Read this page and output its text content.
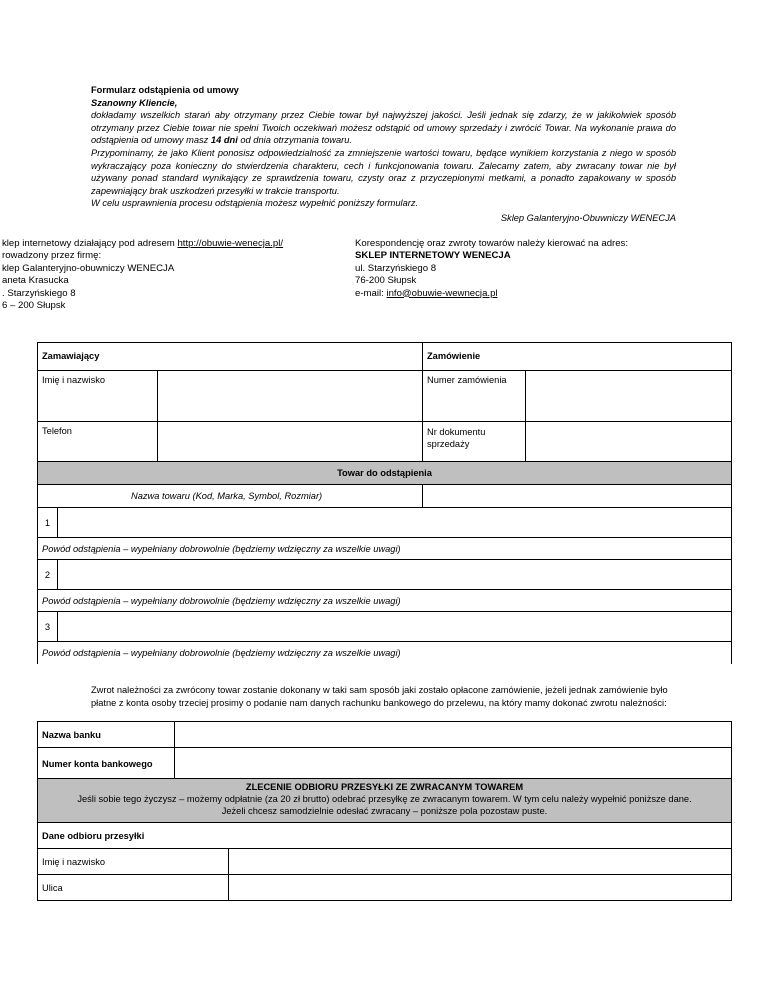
Formularz odstąpienia od umowy
Szanowny Kliencie,

dokładamy wszelkich starań aby otrzymany przez Ciebie towar był najwyższej jakości. Jeśli jednak się zdarzy, że w jakikolwiek sposób otrzymany przez Ciebie towar nie spełni Twoich oczekiwań możesz odstąpić od umowy sprzedaży i zwrócić Towar. Na wykonanie prawa do odstąpienia od umowy masz 14 dni od dnia otrzymania towaru.

Przypominamy, że jako Klient ponosisz odpowiedzialność za zmniejszenie wartości towaru, będące wynikiem korzystania z niego w sposób wykraczający poza konieczny do stwierdzenia charakteru, cech i funkcjonowania towaru. Zalecamy zatem, aby zwracany towar nie był używany ponad standard wynikający ze sprawdzenia towaru, czysty oraz z przyczepionymi metkami, a ponadto zapakowany w sposób zapewniający brak uszkodzeń przesyłki w trakcie transportu.

W celu usprawnienia procesu odstąpienia możesz wypełnić poniższy formularz.

Sklep Galanteryjno-Obuwniczy WENECJA
klep internetowy działający pod adresem http://obuwie-wenecja.pl/
rowadzony przez firmę:
klep Galanteryjno-obuwniczy WENECJA
aneta Krasucka
. Starzyńskiego 8
6 – 200 Słupsk
Korespondencję oraz zwroty towarów należy kierować na adres:
SKLEP INTERNETOWY WENECJA
ul. Starzyńskiego 8
76-200 Słupsk
e-mail: info@obuwie-wewnecja.pl
Zamawiający			Zamówienie	
Imię i nazwisko			Numer zamówienia	
Telefon			Nr dokumentu
sprzedaży	

Towar do odstąpienia				
Nazwa towaru (Kod, Marka, Symbol, Rozmiar)				
1				
Powód odstąpienia – wypełniany dobrowolnie (będziemy wdzięczny za wszelkie uwagi)				
2				
Powód odstąpienia – wypełniany dobrowolnie (będziemy wdzięczny za wszelkie uwagi)				
3				
Powód odstąpienia – wypełniany dobrowolnie (będziemy wdzięczny za wszelkie uwagi)				
Zwrot należności za zwrócony towar zostanie dokonany w taki sam sposób jaki zostało opłacone zamówienie, jeżeli jednak zamówienie było płatne z konta osoby trzeciej prosimy o podanie nam danych rachunku bankowego do przelewu, na który mamy dokonać zwrotu należności:
Nazwa banku	
Numer konta bankowego	
ZLECENIE ODBIORU PRZESYŁKI ZE ZWRACANYM TOWAREM
Jeśli sobie tego życzysz – możemy odpłatnie (za 20 zł brutto) odebrać przesyłkę ze zwracanym towarem. W tym celu należy wypełnić poniższe dane.
Jeżeli chcesz samodzielnie odesłać zwracany – poniższe pola pozostaw puste.	

Dane odbioru przesyłki	
Imię i nazwisko	
Ulica	
